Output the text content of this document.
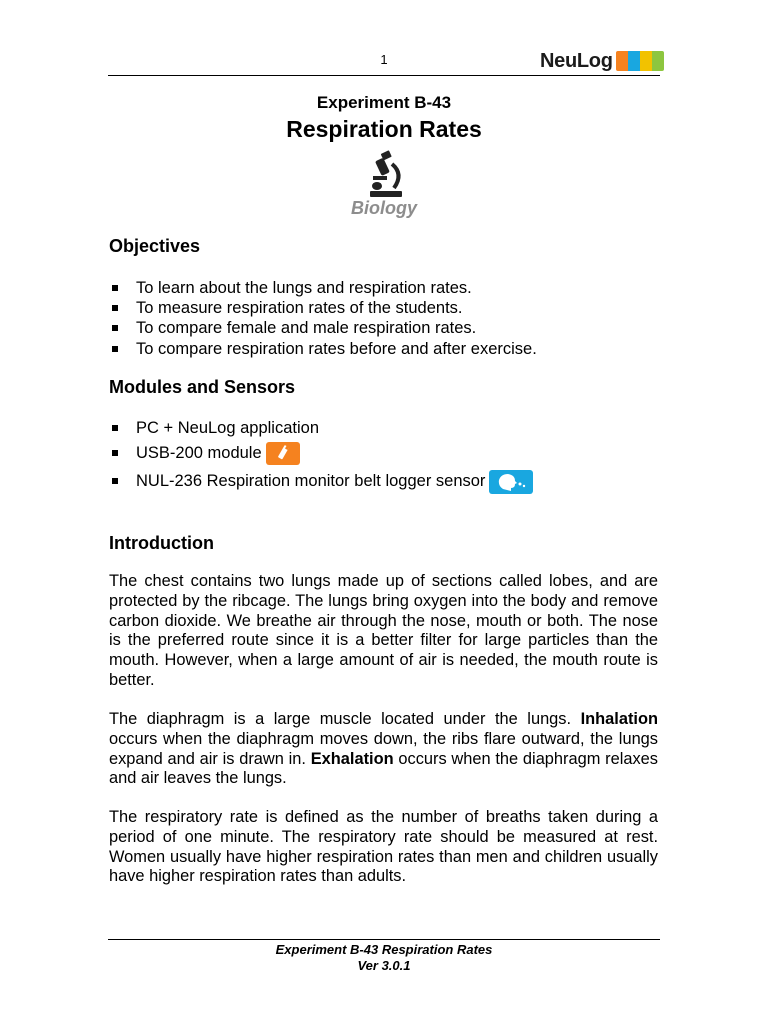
1	NeuLog
Experiment B-43
Respiration Rates
Biology
Objectives
To learn about the lungs and respiration rates.
To measure respiration rates of the students.
To compare female and male respiration rates.
To compare respiration rates before and after exercise.
Modules and Sensors
PC + NeuLog application
USB-200 module
NUL-236 Respiration monitor belt logger sensor
Introduction

The chest contains two lungs made up of sections called lobes, and are protected by the ribcage. The lungs bring oxygen into the body and remove carbon dioxide. We breathe air through the nose, mouth or both. The nose is the preferred route since it is a better filter for large particles than the mouth. However, when a large amount of air is needed, the mouth route is better.

The diaphragm is a large muscle located under the lungs. Inhalation occurs when the diaphragm moves down, the ribs flare outward, the lungs expand and air is drawn in. Exhalation occurs when the diaphragm relaxes and air leaves the lungs.

The respiratory rate is defined as the number of breaths taken during a period of one minute. The respiratory rate should be measured at rest. Women usually have higher respiration rates than men and children usually have higher respiration rates than adults.

Experiment B-43 Respiration Rates
Ver 3.0.1
